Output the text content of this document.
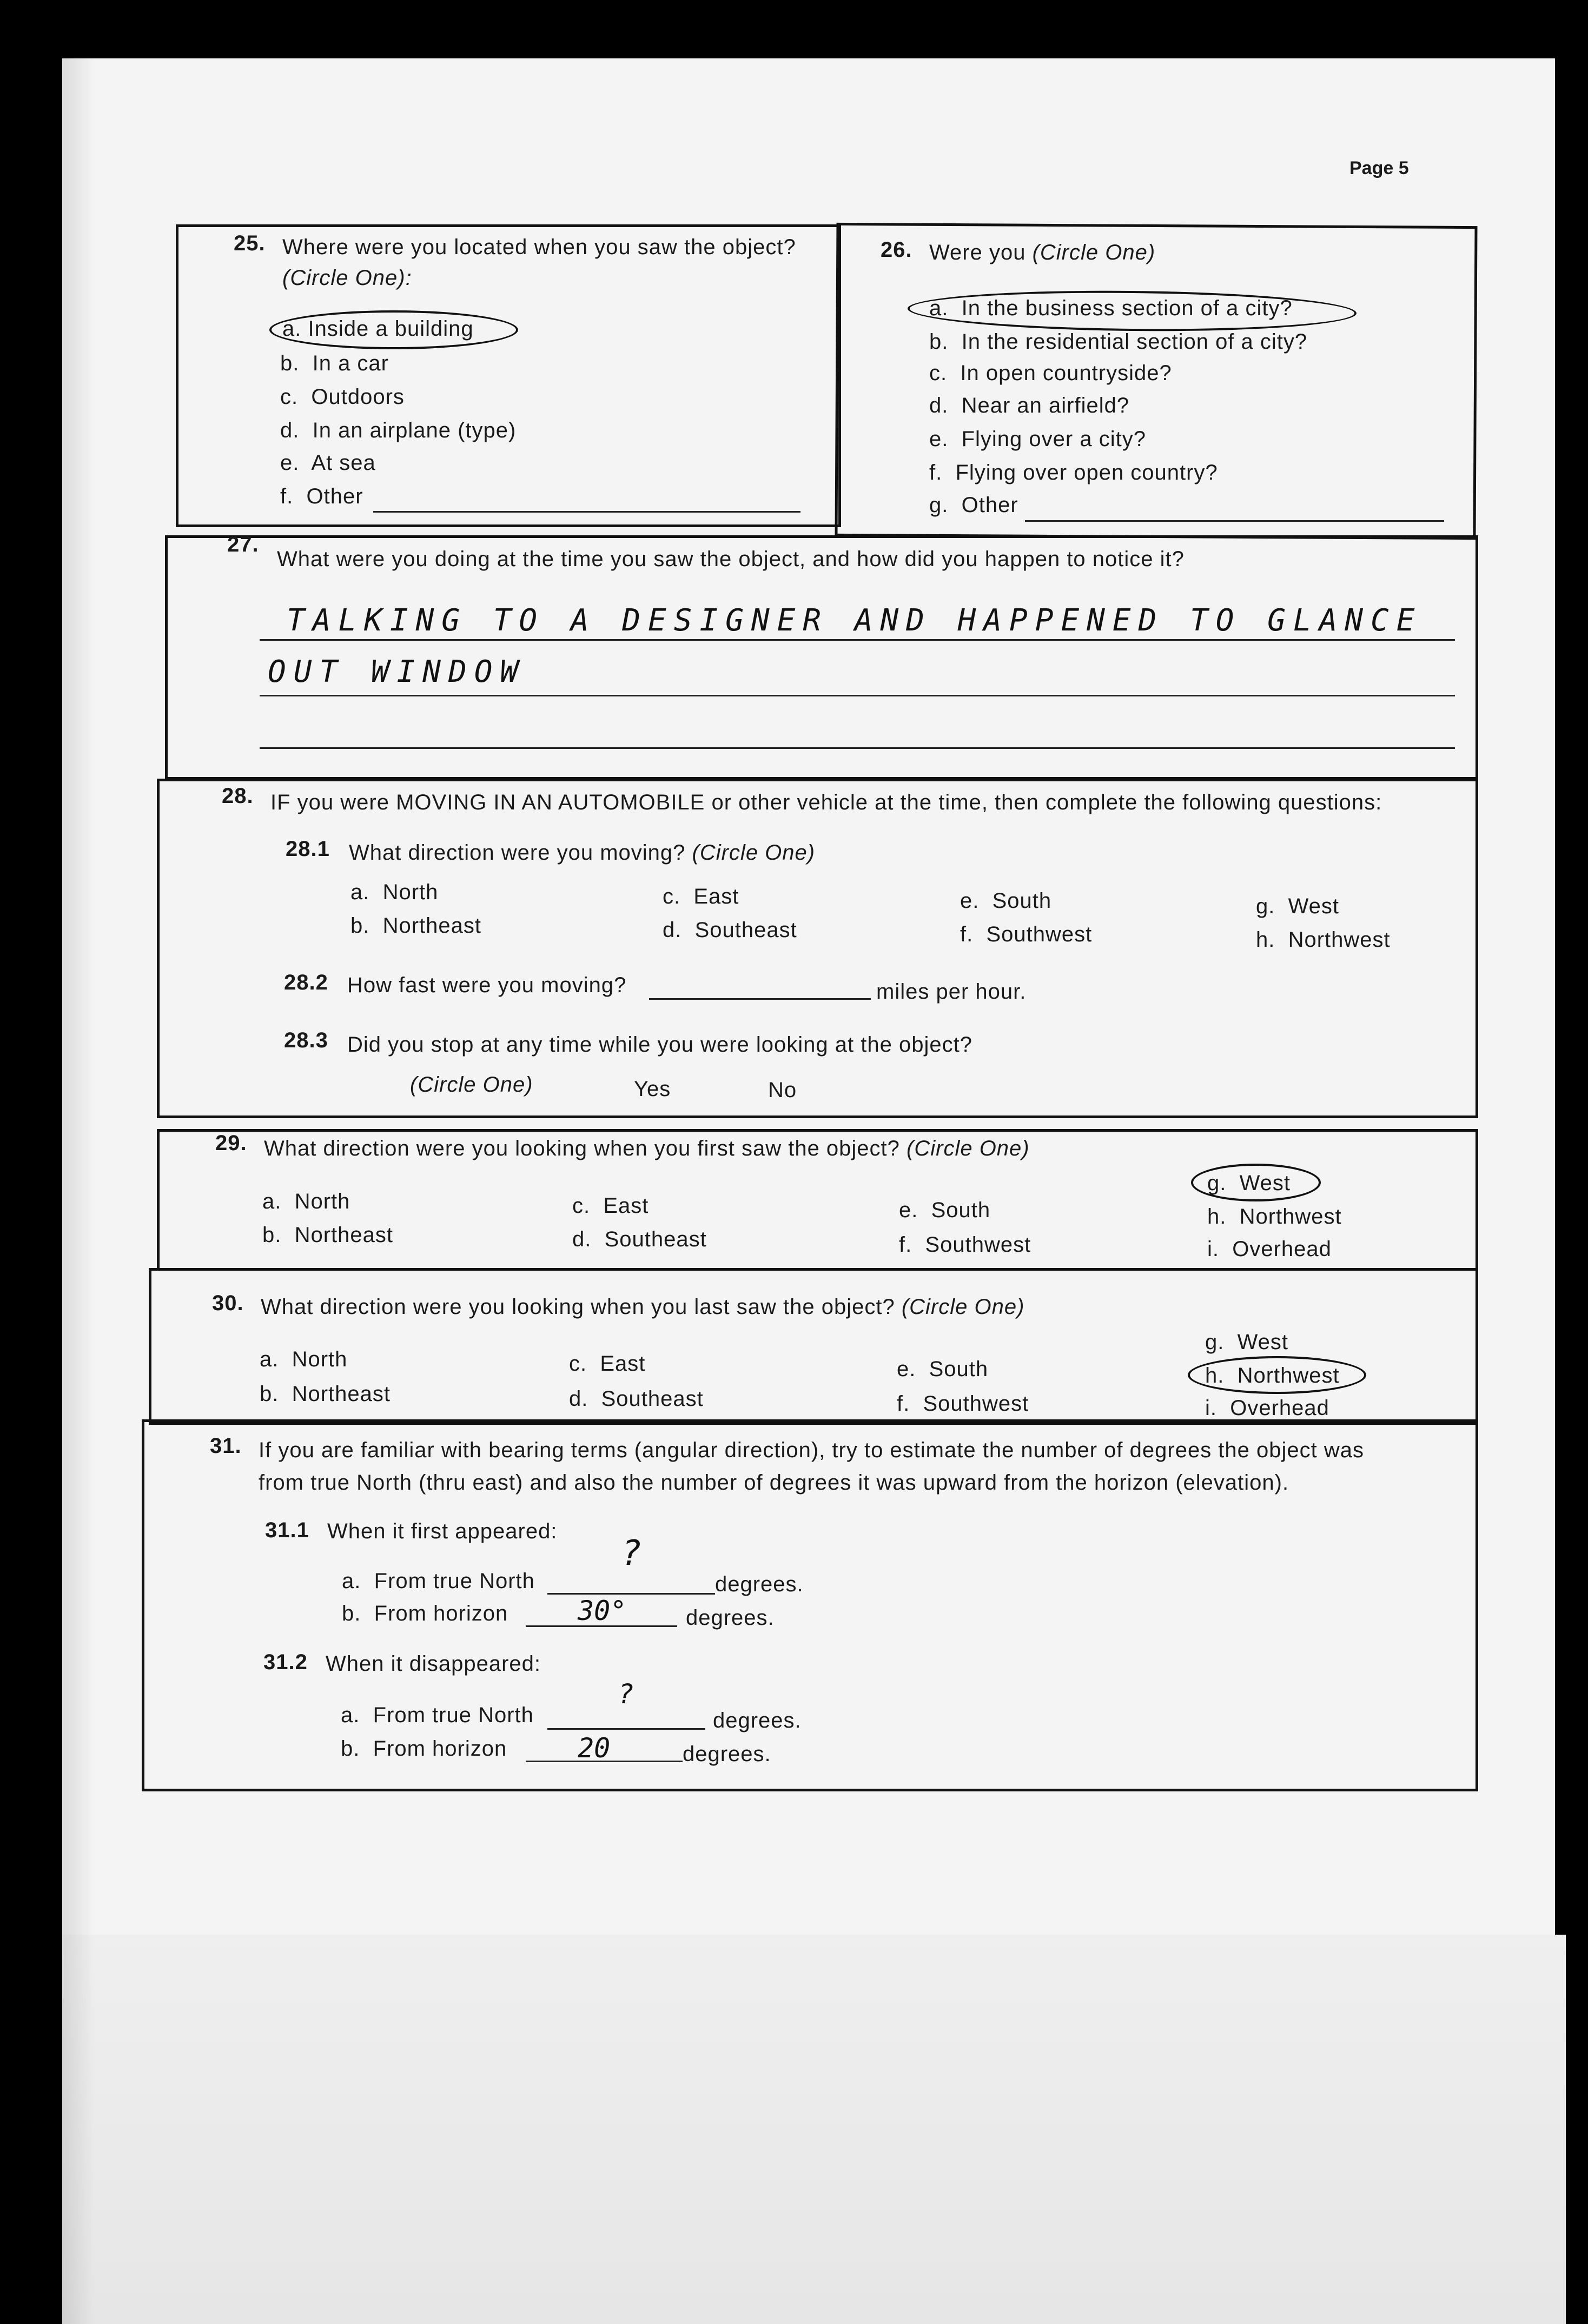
Page 5
25. Where were you located when you saw the object?
(Circle One):
a. Inside a building
b. In a car
c. Outdoors
d. In an airplane (type)
e. At sea
f. Other
26. Were you (Circle One)
a. In the business section of a city?
b. In the residential section of a city?
c. In open countryside?
d. Near an airfield?
e. Flying over a city?
f. Flying over open country?
g. Other
27.
What were you doing at the time you saw the object, and how did you happen to notice it?
TALKING TO A DESIGNER AND HAPPENED TO GLANCE
OUT WINDOW
28. IF you were MOVING IN AN AUTOMOBILE or other vehicle at the time, then complete the following questions:
28.1 What direction were you moving? (Circle One)
a. North
b. Northeast
c. East
d. Southeast
e. South
f. Southwest
g. West
h. Northwest
28.2 How fast were you moving?	miles per hour.
28.3 Did you stop at any time while you were looking at the object?
(Circle One)	Yes	No
29. What direction were you looking when you first saw the object? (Circle One)
a. North
b. Northeast
c. East
d. Southeast
e. South
f. Southwest
g. West
h. Northwest
i. Overhead
30. What direction were you looking when you last saw the object? (Circle One)
a. North
b. Northeast
c. East
d. Southeast
e. South
f. Southwest
g. West
h. Northwest
i. Overhead
31. If you are familiar with bearing terms (angular direction), try to estimate the number of degrees the object was
from true North (thru east) and also the number of degrees it was upward from the horizon (elevation).
31.1 When it first appeared:
a. From true North
?
degrees.
b. From horizon	30°	degrees.
31.2 When it disappeared:
a. From true North
?
degrees.
b. From horizon	20	degrees.
